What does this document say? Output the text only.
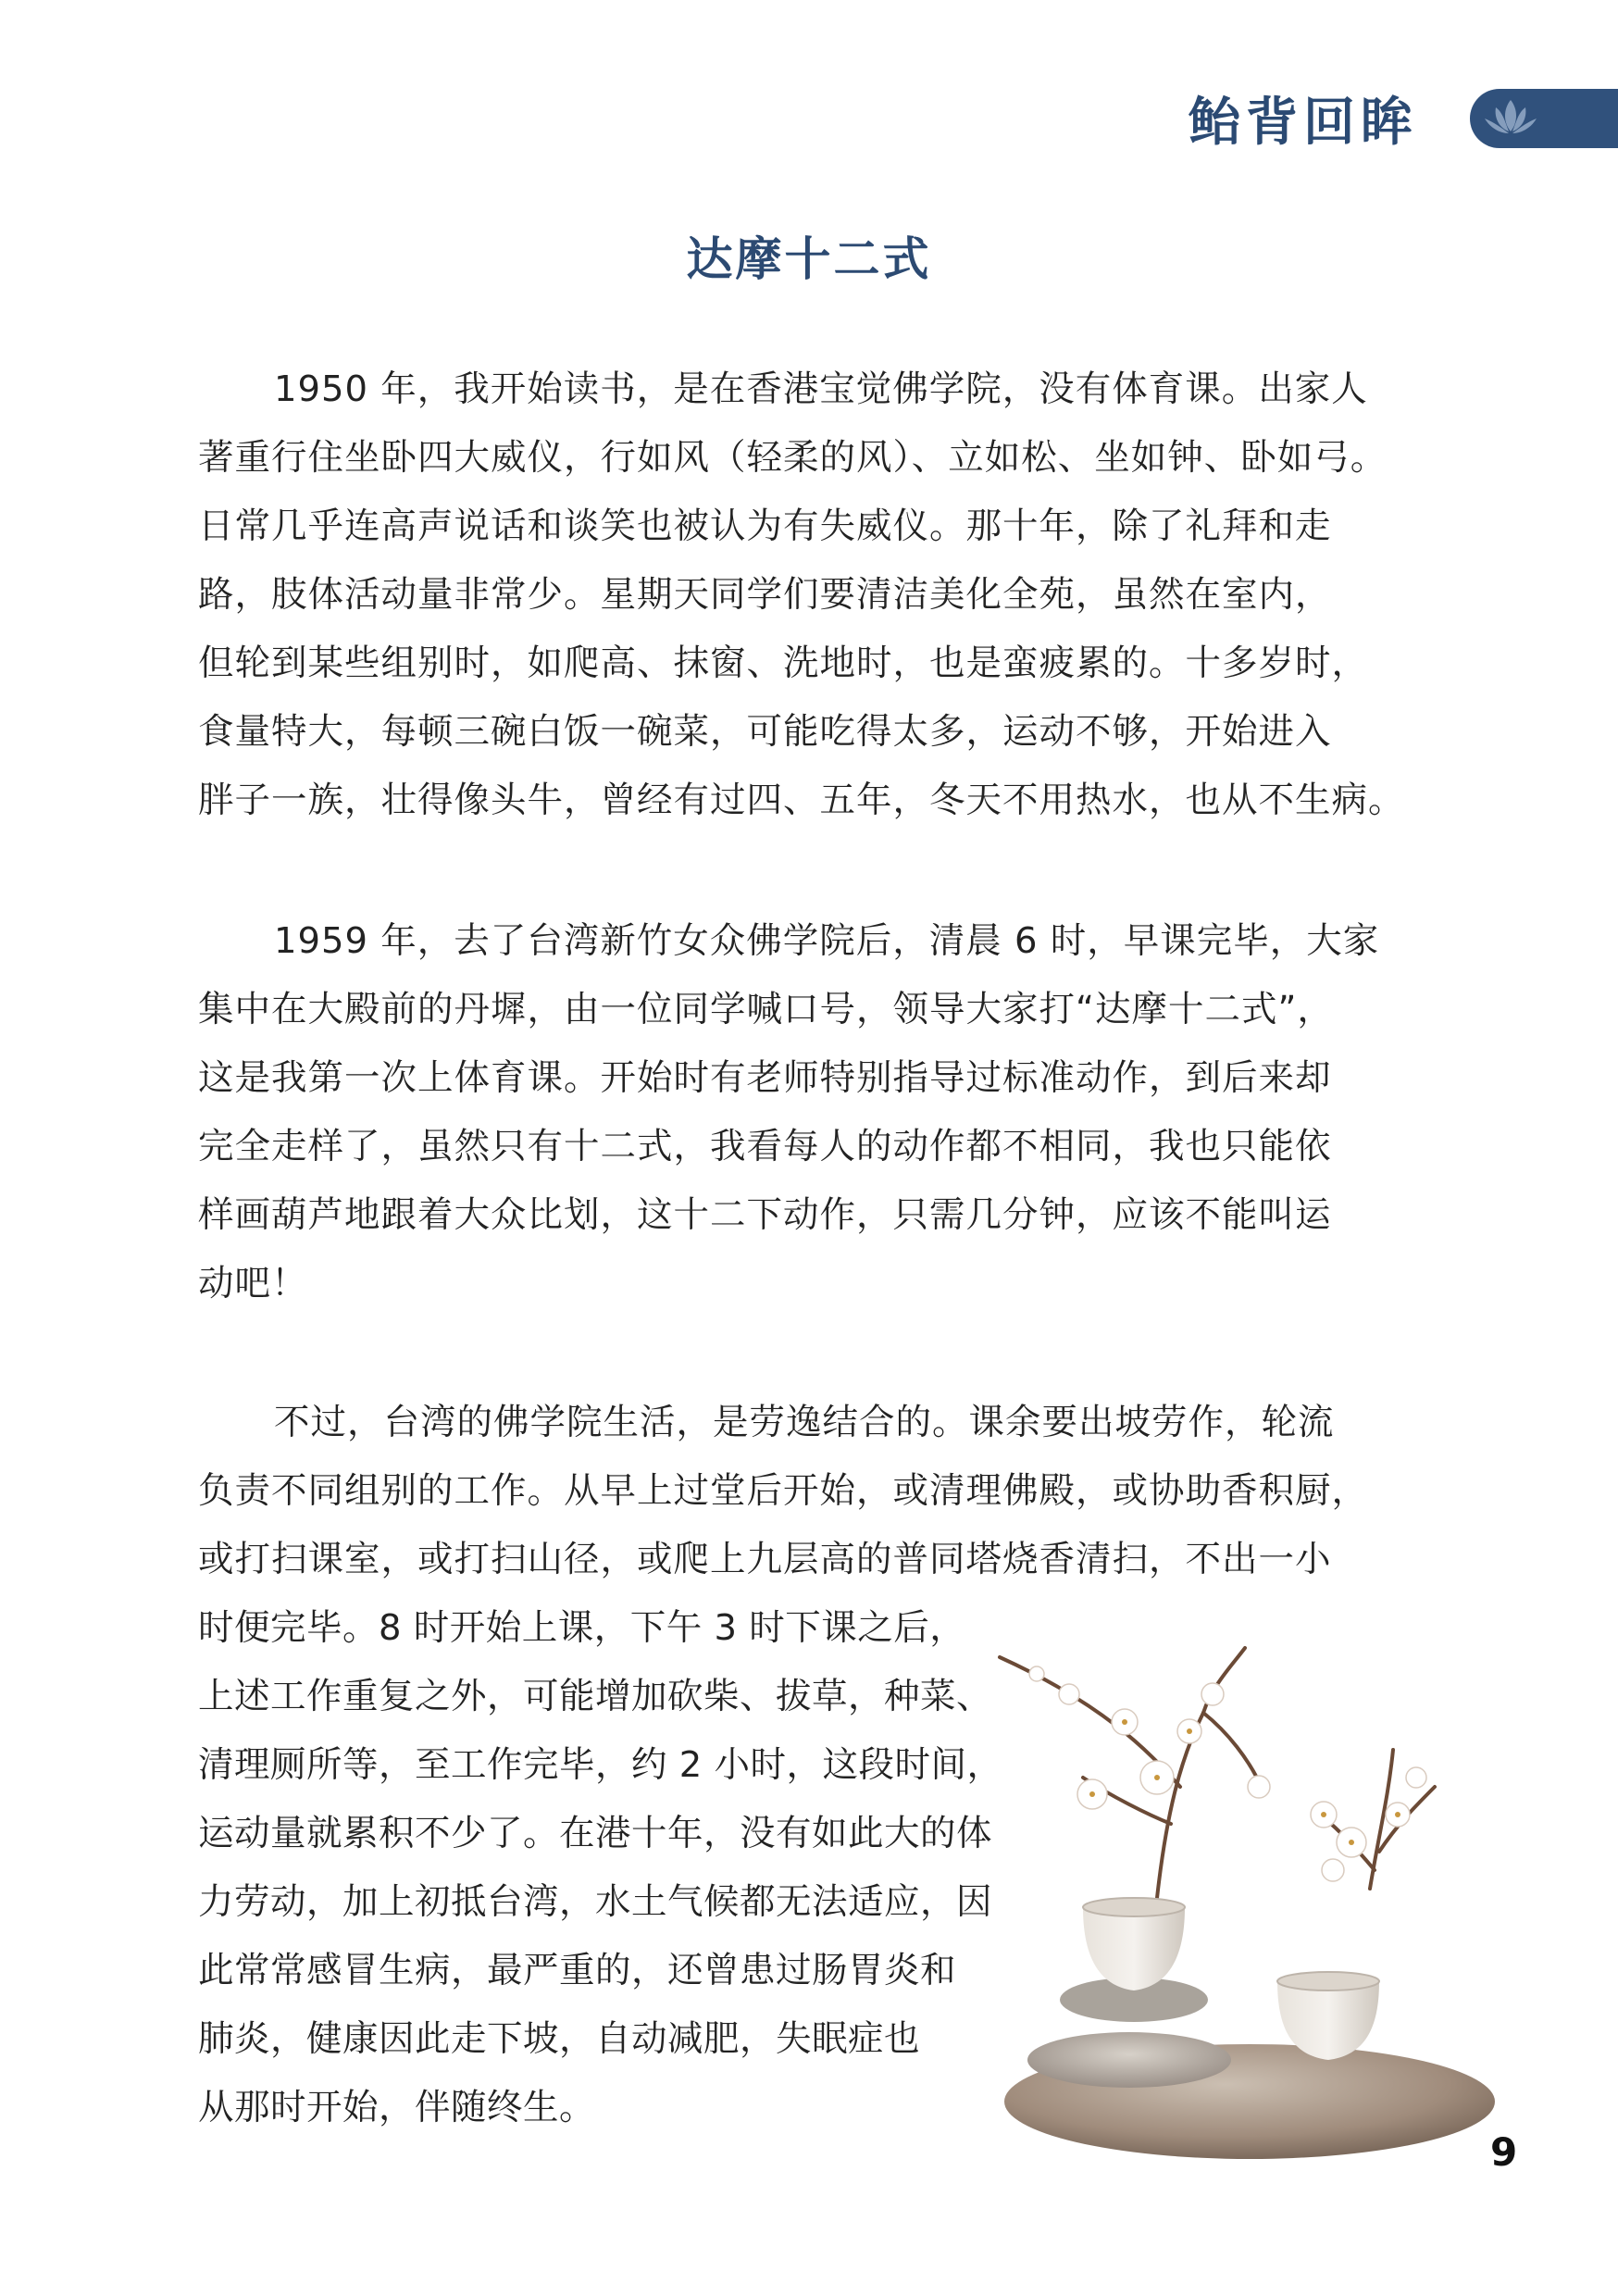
鲐背回眸
达摩十二式
1950 年，我开始读书，是在香港宝觉佛学院，没有体育课。出家人
著重行住坐卧四大威仪，行如风（轻柔的风）、立如松、坐如钟、卧如弓。
日常几乎连高声说话和谈笑也被认为有失威仪。那十年，除了礼拜和走
路，肢体活动量非常少。星期天同学们要清洁美化全苑，虽然在室内，
但轮到某些组别时，如爬高、抹窗、洗地时，也是蛮疲累的。十多岁时，
食量特大，每顿三碗白饭一碗菜，可能吃得太多，运动不够，开始进入
胖子一族，壮得像头牛，曾经有过四、五年，冬天不用热水，也从不生病。
1959 年，去了台湾新竹女众佛学院后，清晨 6 时，早课完毕，大家
集中在大殿前的丹墀，由一位同学喊口号，领导大家打“达摩十二式”，
这是我第一次上体育课。开始时有老师特别指导过标准动作，到后来却
完全走样了，虽然只有十二式，我看每人的动作都不相同，我也只能依
样画葫芦地跟着大众比划，这十二下动作，只需几分钟，应该不能叫运
动吧！
不过，台湾的佛学院生活，是劳逸结合的。课余要出坡劳作，轮流
负责不同组别的工作。从早上过堂后开始，或清理佛殿，或协助香积厨，
或打扫课室，或打扫山径，或爬上九层高的普同塔烧香清扫，不出一小
时便完毕。8 时开始上课，下午 3 时下课之后，
上述工作重复之外，可能增加砍柴、拔草，种菜、
清理厕所等，至工作完毕，约 2 小时，这段时间，
运动量就累积不少了。在港十年，没有如此大的体
力劳动，加上初抵台湾，水土气候都无法适应，因
此常常感冒生病，最严重的，还曾患过肠胃炎和
肺炎，健康因此走下坡，自动减肥，失眠症也
从那时开始，伴随终生。
9
